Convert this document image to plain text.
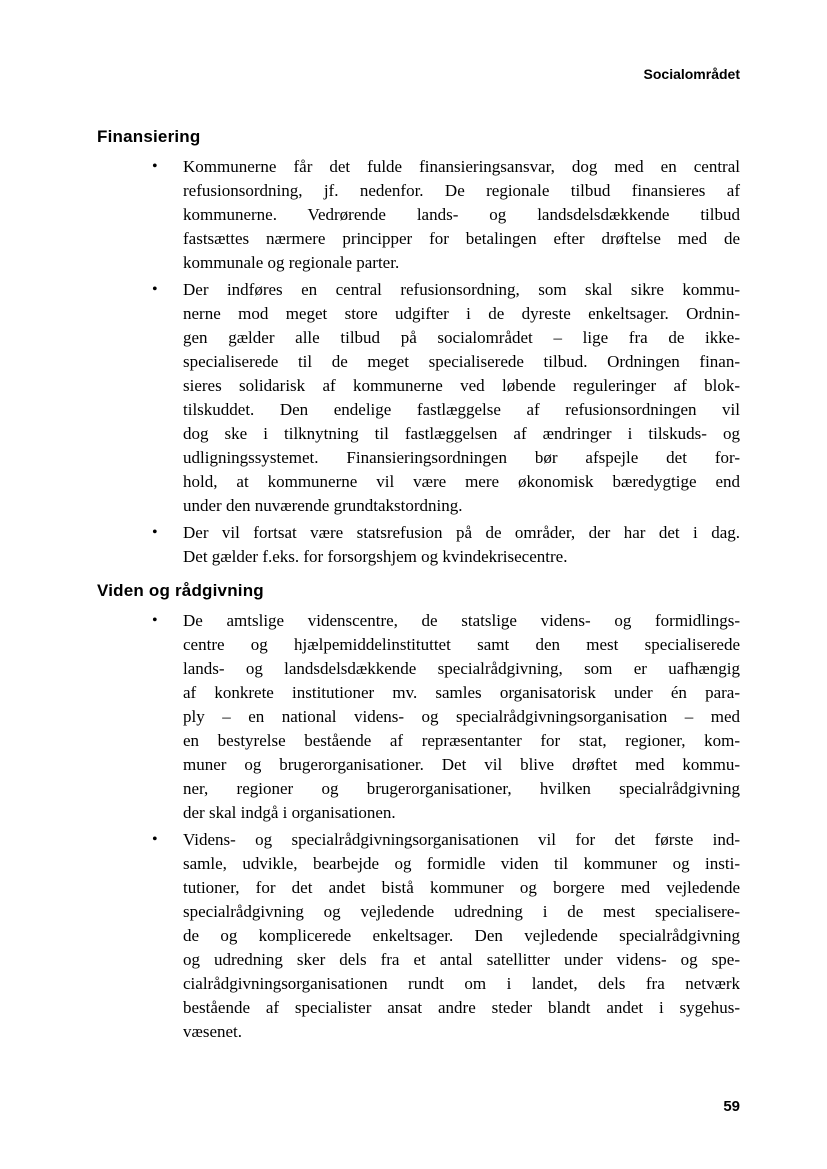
Socialområdet
Finansiering
• Kommunerne får det fulde finansieringsansvar, dog med en central
refusionsordning, jf. nedenfor. De regionale tilbud finansieres af
kommunerne. Vedrørende lands- og landsdelsdækkende tilbud
fastsættes nærmere principper for betalingen efter drøftelse med de
kommunale og regionale parter.
• Der indføres en central refusionsordning, som skal sikre kommu-
nerne mod meget store udgifter i de dyreste enkeltsager. Ordnin-
gen gælder alle tilbud på socialområdet – lige fra de ikke-
specialiserede til de meget specialiserede tilbud. Ordningen finan-
sieres solidarisk af kommunerne ved løbende reguleringer af blok-
tilskuddet. Den endelige fastlæggelse af refusionsordningen vil
dog ske i tilknytning til fastlæggelsen af ændringer i tilskuds- og
udligningssystemet. Finansieringsordningen bør afspejle det for-
hold, at kommunerne vil være mere økonomisk bæredygtige end
under den nuværende grundtakstordning.
• Der vil fortsat være statsrefusion på de områder, der har det i dag.
Det gælder f.eks. for forsorgshjem og kvindekrisecentre.
Viden og rådgivning
• De amtslige videnscentre, de statslige videns- og formidlings-
centre og hjælpemiddelinstituttet samt den mest specialiserede
lands- og landsdelsdækkende specialrådgivning, som er uafhængig
af konkrete institutioner mv. samles organisatorisk under én para-
ply – en national videns- og specialrådgivningsorganisation – med
en bestyrelse bestående af repræsentanter for stat, regioner, kom-
muner og brugerorganisationer. Det vil blive drøftet med kommu-
ner, regioner og brugerorganisationer, hvilken specialrådgivning
der skal indgå i organisationen.
• Videns- og specialrådgivningsorganisationen vil for det første ind-
samle, udvikle, bearbejde og formidle viden til kommuner og insti-
tutioner, for det andet bistå kommuner og borgere med vejledende
specialrådgivning og vejledende udredning i de mest specialisere-
de og komplicerede enkeltsager. Den vejledende specialrådgivning
og udredning sker dels fra et antal satellitter under videns- og spe-
cialrådgivningsorganisationen rundt om i landet, dels fra netværk
bestående af specialister ansat andre steder blandt andet i sygehus-
væsenet.
59
